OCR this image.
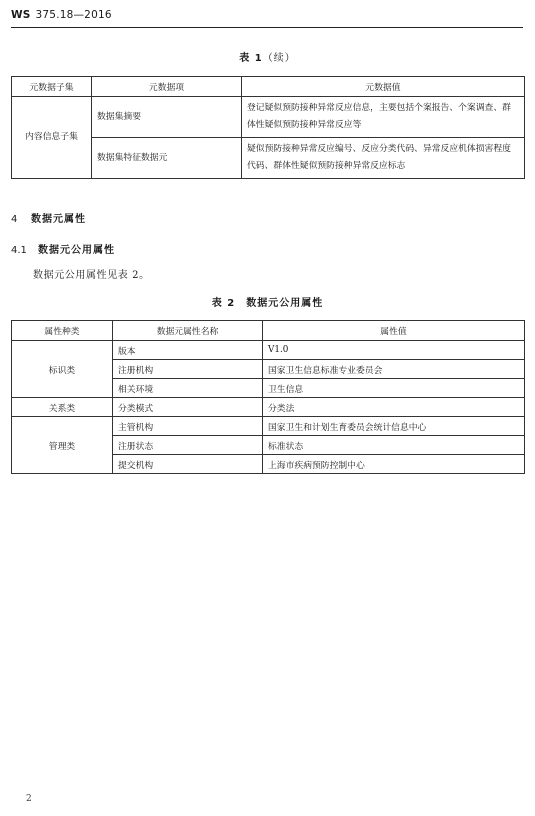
WS 375.18—2016
表 1（续）
元数据子集	元数据项	元数据值
内容信息子集	数据集摘要	登记疑似预防接种异常反应信息，主要包括个案报告、个案调查、群体性疑似预防接种异常反应等
	数据集特征数据元	疑似预防接种异常反应编号、反应分类代码、异常反应机体损害程度代码、群体性疑似预防接种异常反应标志
4 数据元属性
4.1 数据元公用属性
数据元公用属性见表 2。
表 2　数据元公用属性
属性种类	数据元属性名称	属性值
标识类	版本	V1.0
	注册机构	国家卫生信息标准专业委员会
	相关环境	卫生信息
关系类	分类模式	分类法
管理类	主管机构	国家卫生和计划生育委员会统计信息中心
	注册状态	标准状态
	提交机构	上海市疾病预防控制中心
2
